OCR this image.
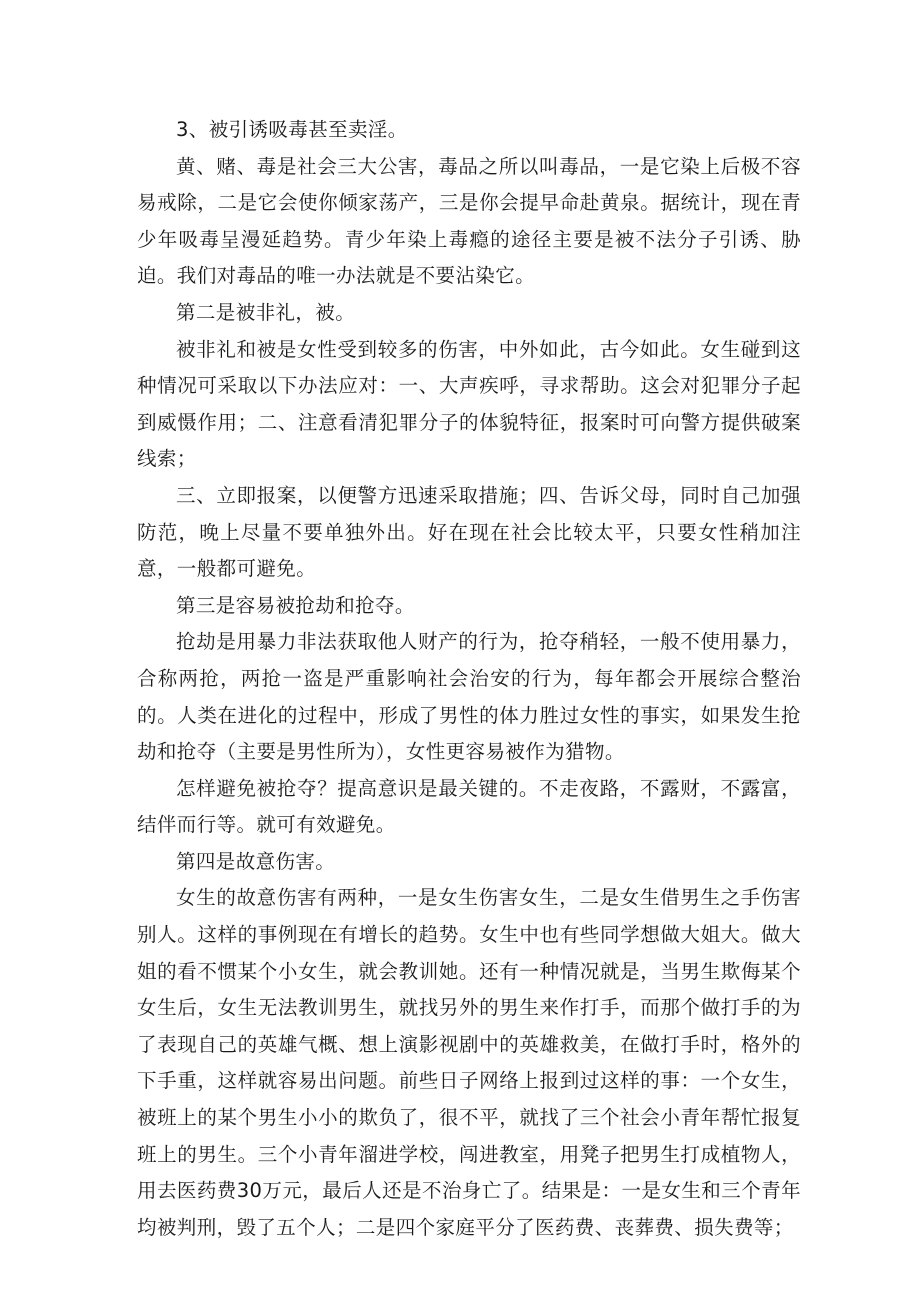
3、被引诱吸毒甚至卖淫。

黄、赌、毒是社会三大公害，毒品之所以叫毒品，一是它染上后极不容易戒除，二是它会使你倾家荡产，三是你会提早命赴黄泉。据统计，现在青少年吸毒呈漫延趋势。青少年染上毒瘾的途径主要是被不法分子引诱、胁迫。我们对毒品的唯一办法就是不要沾染它。

第二是被非礼，被。

被非礼和被是女性受到较多的伤害，中外如此，古今如此。女生碰到这种情况可采取以下办法应对：一、大声疾呼，寻求帮助。这会对犯罪分子起到威慑作用；二、注意看清犯罪分子的体貌特征，报案时可向警方提供破案线索；

三、立即报案，以便警方迅速采取措施；四、告诉父母，同时自己加强防范，晚上尽量不要单独外出。好在现在社会比较太平，只要女性稍加注意，一般都可避免。

第三是容易被抢劫和抢夺。

抢劫是用暴力非法获取他人财产的行为，抢夺稍轻，一般不使用暴力，合称两抢，两抢一盗是严重影响社会治安的行为，每年都会开展综合整治的。人类在进化的过程中，形成了男性的体力胜过女性的事实，如果发生抢劫和抢夺（主要是男性所为），女性更容易被作为猎物。

怎样避免被抢夺？提高意识是最关键的。不走夜路，不露财，不露富，结伴而行等。就可有效避免。

第四是故意伤害。

女生的故意伤害有两种，一是女生伤害女生，二是女生借男生之手伤害别人。这样的事例现在有增长的趋势。女生中也有些同学想做大姐大。做大姐的看不惯某个小女生，就会教训她。还有一种情况就是，当男生欺侮某个女生后，女生无法教训男生，就找另外的男生来作打手，而那个做打手的为了表现自己的英雄气概、想上演影视剧中的英雄救美，在做打手时，格外的下手重，这样就容易出问题。前些日子网络上报到过这样的事：一个女生，被班上的某个男生小小的欺负了，很不平，就找了三个社会小青年帮忙报复班上的男生。三个小青年溜进学校，闯进教室，用凳子把男生打成植物人，用去医药费30万元，最后人还是不治身亡了。结果是：一是女生和三个青年均被判刑，毁了五个人；二是四个家庭平分了医药费、丧葬费、损失费等；
